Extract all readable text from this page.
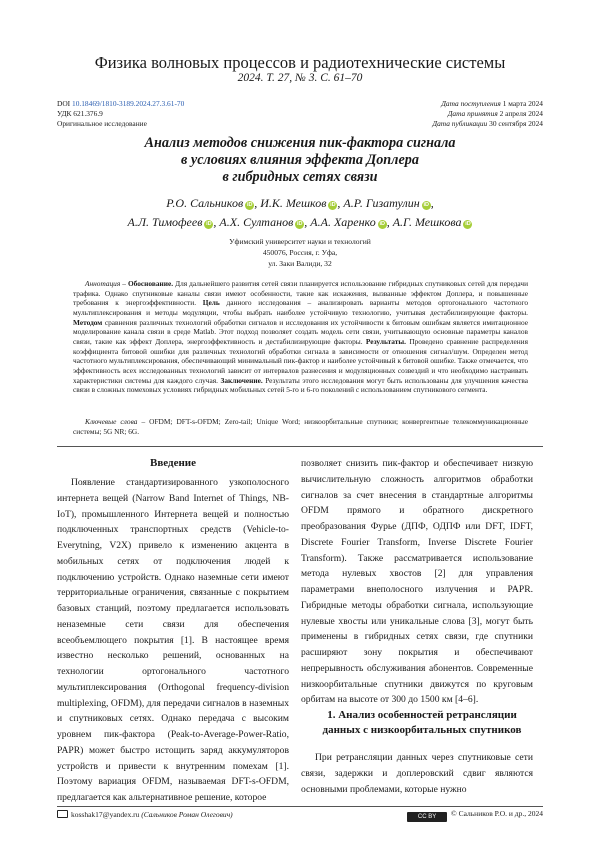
Физика волновых процессов и радиотехнические системы
2024. Т. 27, № 3. С. 61–70
DOI 10.18469/1810-3189.2024.27.3.61-70
УДК 621.376.9
Оригинальное исследование
Дата поступления 1 марта 2024
Дата принятия 2 апреля 2024
Дата публикации 30 сентября 2024
Анализ методов снижения пик-фактора сигнала
в условиях влияния эффекта Доплера
в гибридных сетях связи
Р.О. Сальников iD , И.К. Мешков iD , А.Р. Гизатулин iD ,
А.Л. Тимофеев iD , А.Х. Султанов iD , А.А. Харенко iD , А.Г. Мешкова iD
Уфимский университет науки и технологий
450076, Россия, г. Уфа,
ул. Заки Валиди, 32
Аннотация – Обоснование. Для дальнейшего развития сетей связи планируется использование гибридных спутниковых сетей для передачи трафика. Однако спутниковые каналы связи имеют особенности, такие как искажения, вызванные эффектом Доплера, и повышенные требования к энергоэффективности. Цель данного исследования – анализировать варианты методов ортогонального частотного мультиплексирования и методы модуляции, чтобы выбрать наиболее устойчивую технологию, учитывая дестабилизирующие факторы. Методом сравнения различных технологий обработки сигналов и исследования их устойчивости к битовым ошибкам является имитационное моделирование канала связи в среде Matlab. Этот подход позволяет создать модель сети связи, учитывающую основные параметры каналов связи, такие как эффект Доплера, энергоэффективность и дестабилизирующие факторы. Результаты. Проведено сравнение распределения коэффициента битовой ошибки для различных технологий обработки сигнала в зависимости от отношения сигнал/шум. Определен метод частотного мультиплексирования, обеспечивающий минимальный пик-фактор и наиболее устойчивый к битовой ошибке. Также отмечается, что эффективность всех исследованных технологий зависит от интервалов разнесения и модуляционных созвездий и что необходимо настраивать характеристики системы для каждого случая. Заключение. Результаты этого исследования могут быть использованы для улучшения качества связи в сложных помеховых условиях гибридных мобильных сетей 5-го и 6-го поколений с использованием спутникового сегмента.
Ключевые слова – OFDM; DFT-s-OFDM; Zero-tail; Unique Word; низкоорбитальные спутники; конвергентные телекоммуникационные системы; 5G NR; 6G.
Введение

Появление стандартизированного узкополосного интернета вещей (Narrow Band Internet of Things, NB-IoT), промышленного Интернета вещей и полностью подключенных транспортных средств (Vehicle-to-Everytning, V2X) привело к изменению акцента в мобильных сетях от подключения людей к подключению устройств. Однако наземные сети имеют территориальные ограничения, связанные с покрытием базовых станций, поэтому предлагается использовать неназемные сети связи для обеспечения всеобъемлющего покрытия [1]. В настоящее время известно несколько решений, основанных на технологии ортогонального частотного мультиплексирования (Orthogonal frequency-division multiplexing, OFDM), для передачи сигналов в наземных и спутниковых сетях. Однако передача с высоким уровнем пик-фактора (Peak-to-Average-Power-Ratio, PAPR) может быстро истощить заряд аккумуляторов устройств и привести к внутренним помехам [1]. Поэтому вариация OFDM, называемая DFT-s-OFDM, предлагается как альтернативное решение, которое

позволяет снизить пик-фактор и обеспечивает низкую вычислительную сложность алгоритмов обработки сигналов за счет внесения в стандартные алгоритмы OFDM прямого и обратного дискретного преобразования Фурье (ДПФ, ОДПФ или DFT, IDFT, Discrete Fourier Transform, Inverse Discrete Fourier Transform). Также рассматривается использование метода нулевых хвостов [2] для управления параметрами внеполосного излучения и PAPR. Гибридные методы обработки сигнала, использующие нулевые хвосты или уникальные слова [3], могут быть применены в гибридных сетях связи, где спутники расширяют зону покрытия и обеспечивают непрерывность обслуживания абонентов. Современные низкоорбитальные спутники движутся по круговым орбитам на высоте от 300 до 1500 км [4–6].

1. Анализ особенностей ретрансляции
данных с низкоорбитальных спутников

При ретрансляции данных через спутниковые сети связи, задержки и доплеровский сдвиг являются основными проблемами, которые нужно

kosshak17@yandex.ru (Сальников Роман Олегович)	CC BY © Сальников Р.О. и др., 2024
